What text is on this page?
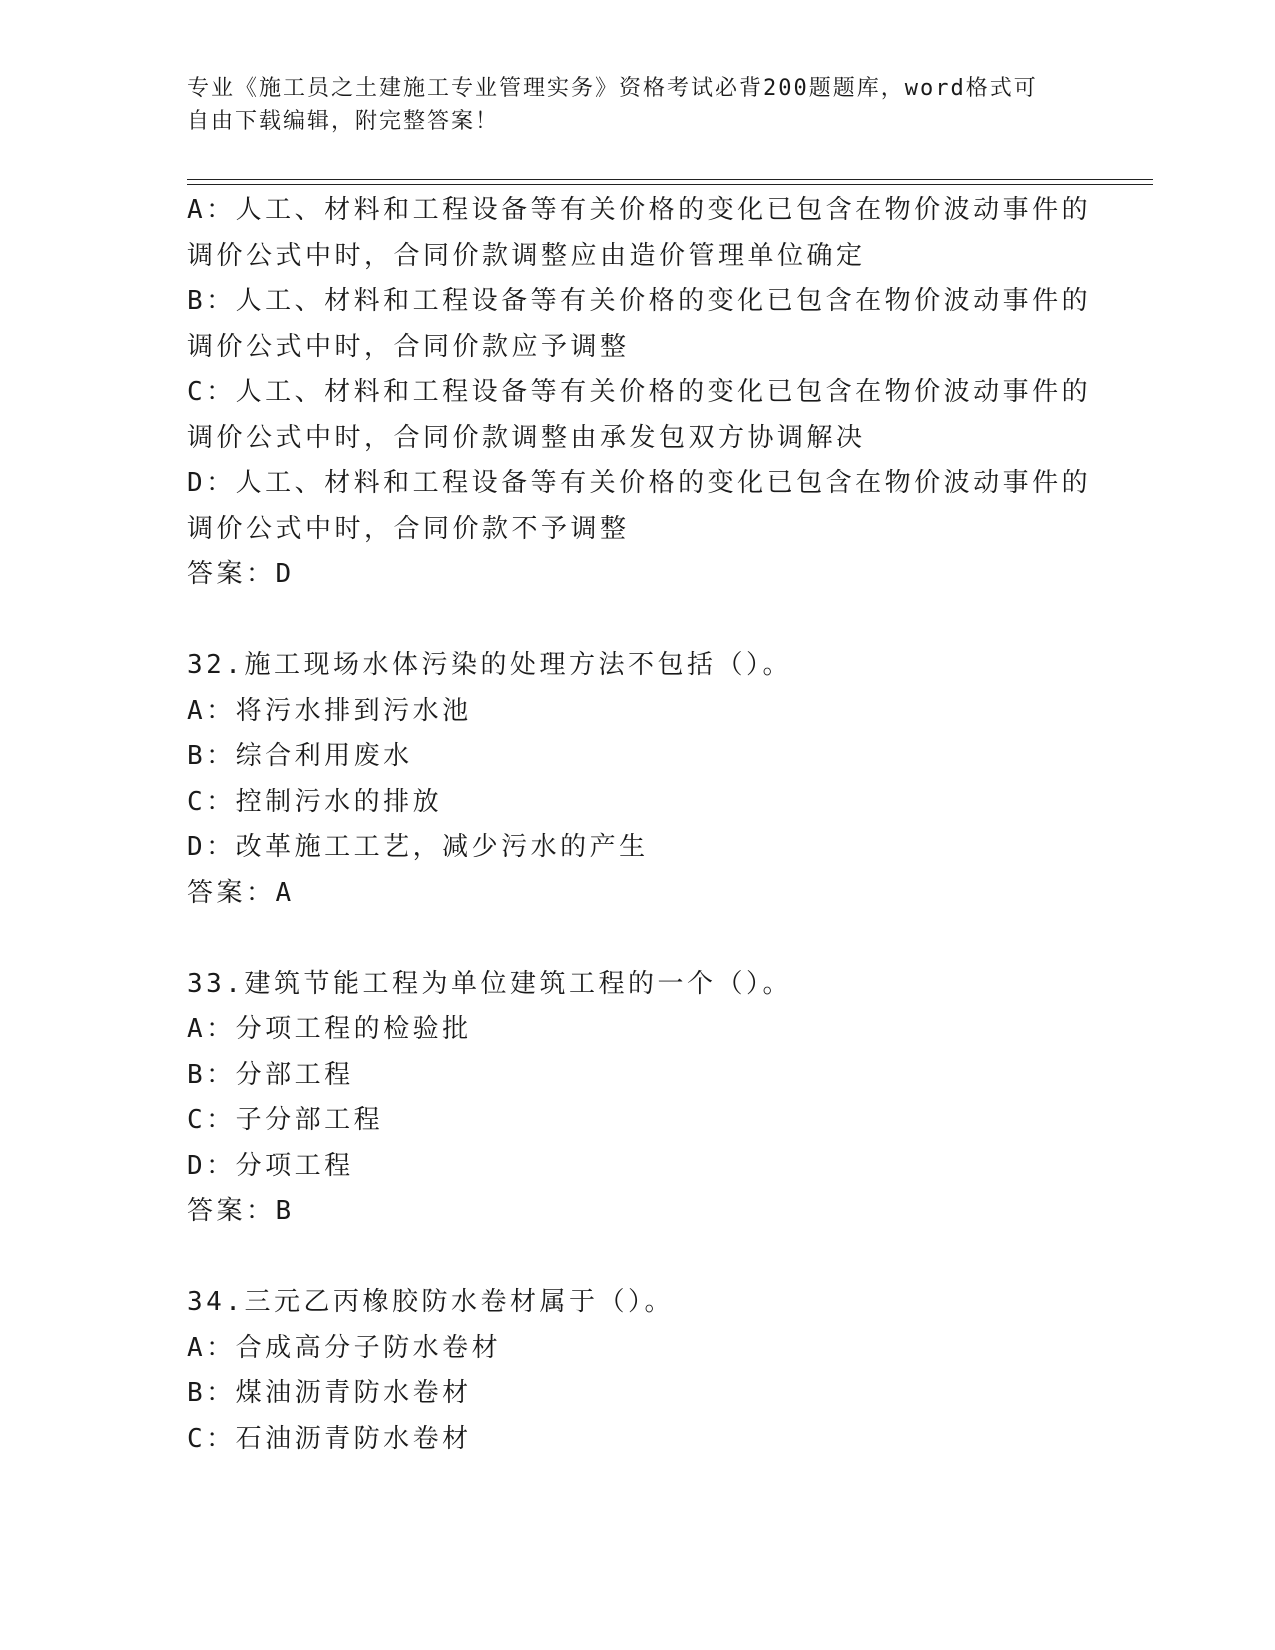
专业《施工员之土建施工专业管理实务》资格考试必背200题题库，word格式可
自由下载编辑，附完整答案！
A：人工、材料和工程设备等有关价格的变化已包含在物价波动事件的
调价公式中时，合同价款调整应由造价管理单位确定
B：人工、材料和工程设备等有关价格的变化已包含在物价波动事件的
调价公式中时，合同价款应予调整
C：人工、材料和工程设备等有关价格的变化已包含在物价波动事件的
调价公式中时，合同价款调整由承发包双方协调解决
D：人工、材料和工程设备等有关价格的变化已包含在物价波动事件的
调价公式中时，合同价款不予调整
答案：D
32.施工现场水体污染的处理方法不包括（）。
A：将污水排到污水池
B：综合利用废水
C：控制污水的排放
D：改革施工工艺，减少污水的产生
答案：A
33.建筑节能工程为单位建筑工程的一个（）。
A：分项工程的检验批
B：分部工程
C：子分部工程
D：分项工程
答案：B
34.三元乙丙橡胶防水卷材属于（）。
A：合成高分子防水卷材
B：煤油沥青防水卷材
C：石油沥青防水卷材
